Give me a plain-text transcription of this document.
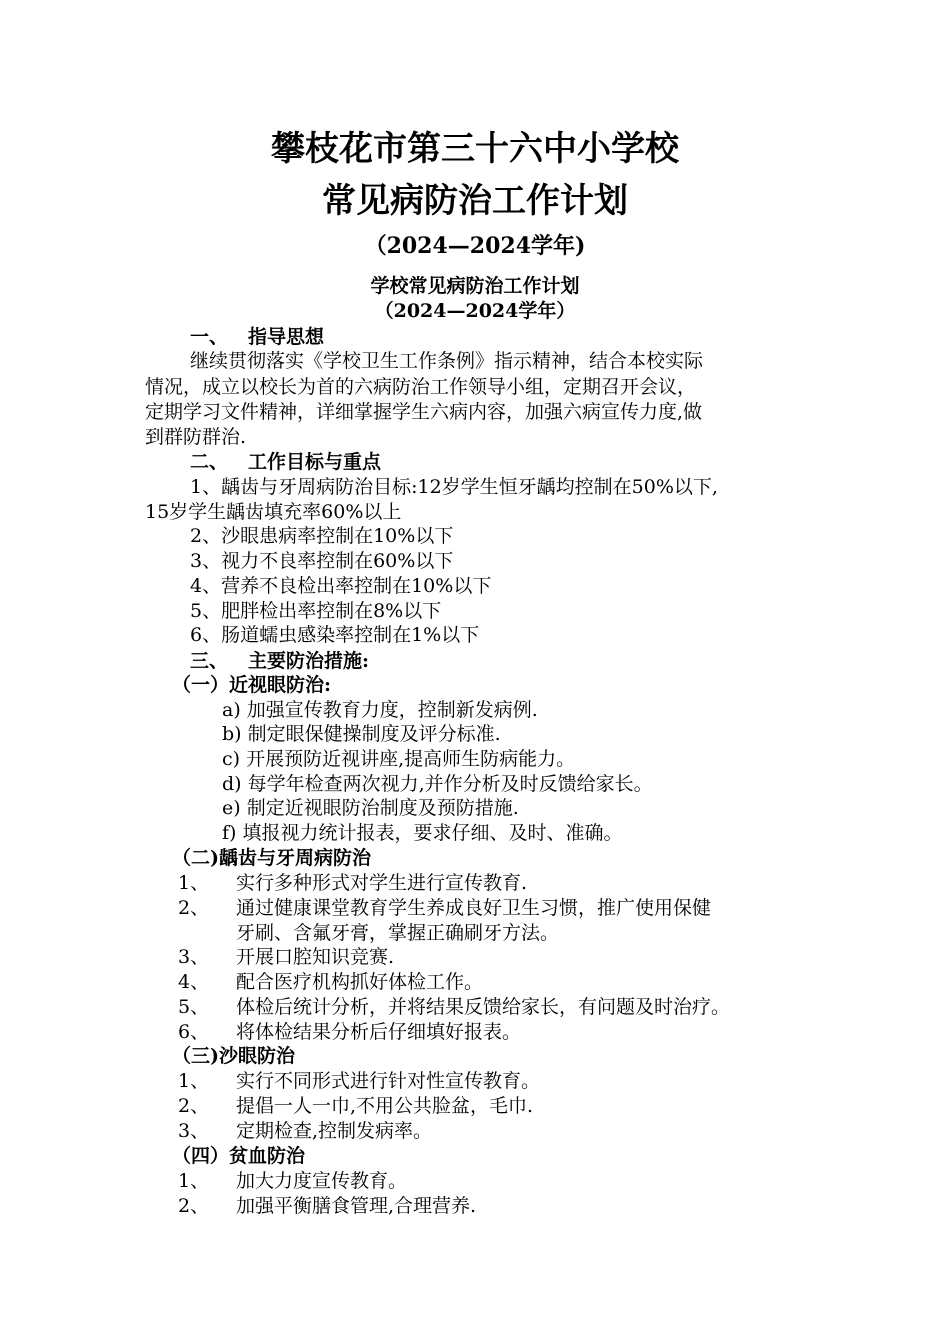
攀枝花市第三十六中小学校
常见病防治工作计划
（2024—2024学年)
学校常见病防治工作计划
（2024—2024学年）
一、 指导思想
继续贯彻落实《学校卫生工作条例》指示精神，结合本校实际
情况，成立以校长为首的六病防治工作领导小组，定期召开会议，
定期学习文件精神，详细掌握学生六病内容，加强六病宣传力度,做
到群防群治.
二、 工作目标与重点
1、龋齿与牙周病防治目标:12岁学生恒牙龋均控制在50%以下,
15岁学生龋齿填充率60%以上
2、沙眼患病率控制在10%以下
3、视力不良率控制在60%以下
4、营养不良检出率控制在10%以下
5、肥胖检出率控制在8%以下
6、肠道蠕虫感染率控制在1%以下
三、 主要防治措施:
（一）近视眼防治:
a) 加强宣传教育力度，控制新发病例.
b) 制定眼保健操制度及评分标准.
c) 开展预防近视讲座,提高师生防病能力。
d) 每学年检查两次视力,并作分析及时反馈给家长。
e) 制定近视眼防治制度及预防措施.
f) 填报视力统计报表，要求仔细、及时、准确。
（二)龋齿与牙周病防治
1、 实行多种形式对学生进行宣传教育.
2、 通过健康课堂教育学生养成良好卫生习惯，推广使用保健
牙刷、含氟牙膏，掌握正确刷牙方法。
3、 开展口腔知识竞赛.
4、 配合医疗机构抓好体检工作。
5、 体检后统计分析，并将结果反馈给家长，有问题及时治疗。
6、 将体检结果分析后仔细填好报表。
（三)沙眼防治
1、 实行不同形式进行针对性宣传教育。
2、 提倡一人一巾,不用公共脸盆，毛巾.
3、 定期检查,控制发病率。
（四）贫血防治
1、 加大力度宣传教育。
2、 加强平衡膳食管理,合理营养.
